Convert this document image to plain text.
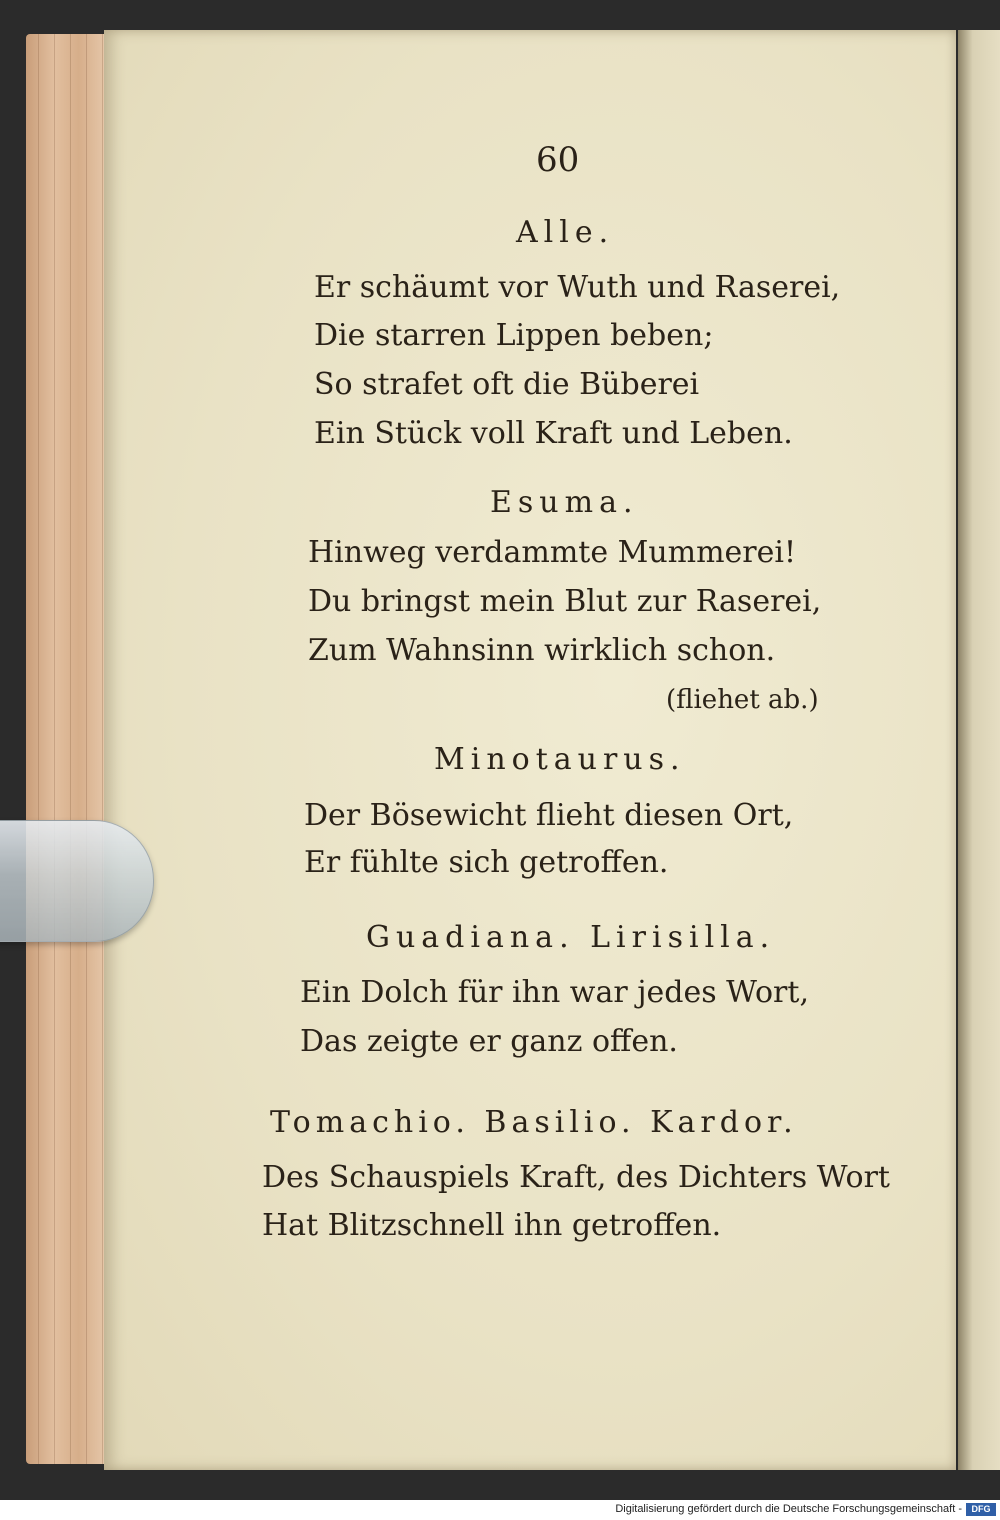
60
Alle.
Er schäumt vor Wuth und Raserei,
Die starren Lippen beben;
So strafet oft die Büberei
Ein Stück voll Kraft und Leben.
Esuma.
Hinweg verdammte Mummerei!
Du bringst mein Blut zur Raserei,
Zum Wahnsinn wirklich schon.
(fliehet ab.)
Minotaurus.
Der Bösewicht flieht diesen Ort,
Er fühlte sich getroffen.
Guadiana. Lirisilla.
Ein Dolch für ihn war jedes Wort,
Das zeigte er ganz offen.
Tomachio. Basilio. Kardor.
Des Schauspiels Kraft, des Dichters Wort
Hat Blitzschnell ihn getroffen.
Digitalisierung gefördert durch die Deutsche Forschungsgemeinschaft -	DFG
